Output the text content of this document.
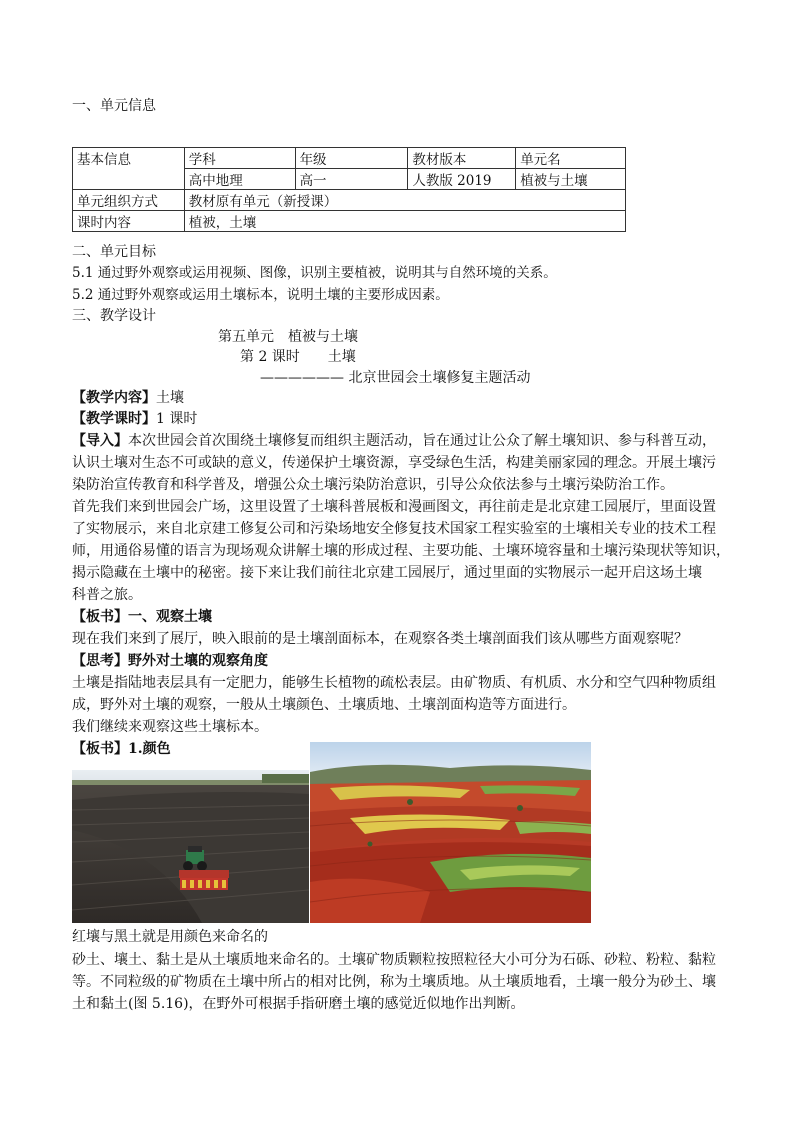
一、单元信息
基本信息	学科	年级	教材版本	单元名
	高中地理	高一	人教版 2019	植被与土壤
单元组织方式	教材原有单元（新授课）			
课时内容	植被，土壤			
二、单元目标
5.1 通过野外观察或运用视频、图像，识别主要植被，说明其与自然环境的关系。
5.2 通过野外观察或运用土壤标本，说明土壤的主要形成因素。
三、教学设计
第五单元　植被与土壤
第 2 课时　　土壤
—————— 北京世园会土壤修复主题活动
【教学内容】土壤
【教学课时】1 课时
【导入】本次世园会首次围绕土壤修复而组织主题活动，旨在通过让公众了解土壤知识、参与科普互动，
认识土壤对生态不可或缺的意义，传递保护土壤资源，享受绿色生活，构建美丽家园的理念。开展土壤污
染防治宣传教育和科学普及，增强公众土壤污染防治意识，引导公众依法参与土壤污染防治工作。
首先我们来到世园会广场，这里设置了土壤科普展板和漫画图文，再往前走是北京建工园展厅，里面设置
了实物展示，来自北京建工修复公司和污染场地安全修复技术国家工程实验室的土壤相关专业的技术工程
师，用通俗易懂的语言为现场观众讲解土壤的形成过程、主要功能、土壤环境容量和土壤污染现状等知识，
揭示隐藏在土壤中的秘密。接下来让我们前往北京建工园展厅，通过里面的实物展示一起开启这场土壤
科普之旅。
【板书】一、观察土壤
现在我们来到了展厅，映入眼前的是土壤剖面标本，在观察各类土壤剖面我们该从哪些方面观察呢？
【思考】野外对土壤的观察角度
土壤是指陆地表层具有一定肥力，能够生长植物的疏松表层。由矿物质、有机质、水分和空气四种物质组
成，野外对土壤的观察，一般从土壤颜色、土壤质地、土壤剖面构造等方面进行。
我们继续来观察这些土壤标本。
【板书】1.颜色
红壤与黑土就是用颜色来命名的
砂土、壤土、黏土是从土壤质地来命名的。土壤矿物质颗粒按照粒径大小可分为石砾、砂粒、粉粒、黏粒
等。不同粒级的矿物质在土壤中所占的相对比例，称为土壤质地。从土壤质地看，土壤一般分为砂土、壤
土和黏土(图 5.16)，在野外可根据手指研磨土壤的感觉近似地作出判断。
